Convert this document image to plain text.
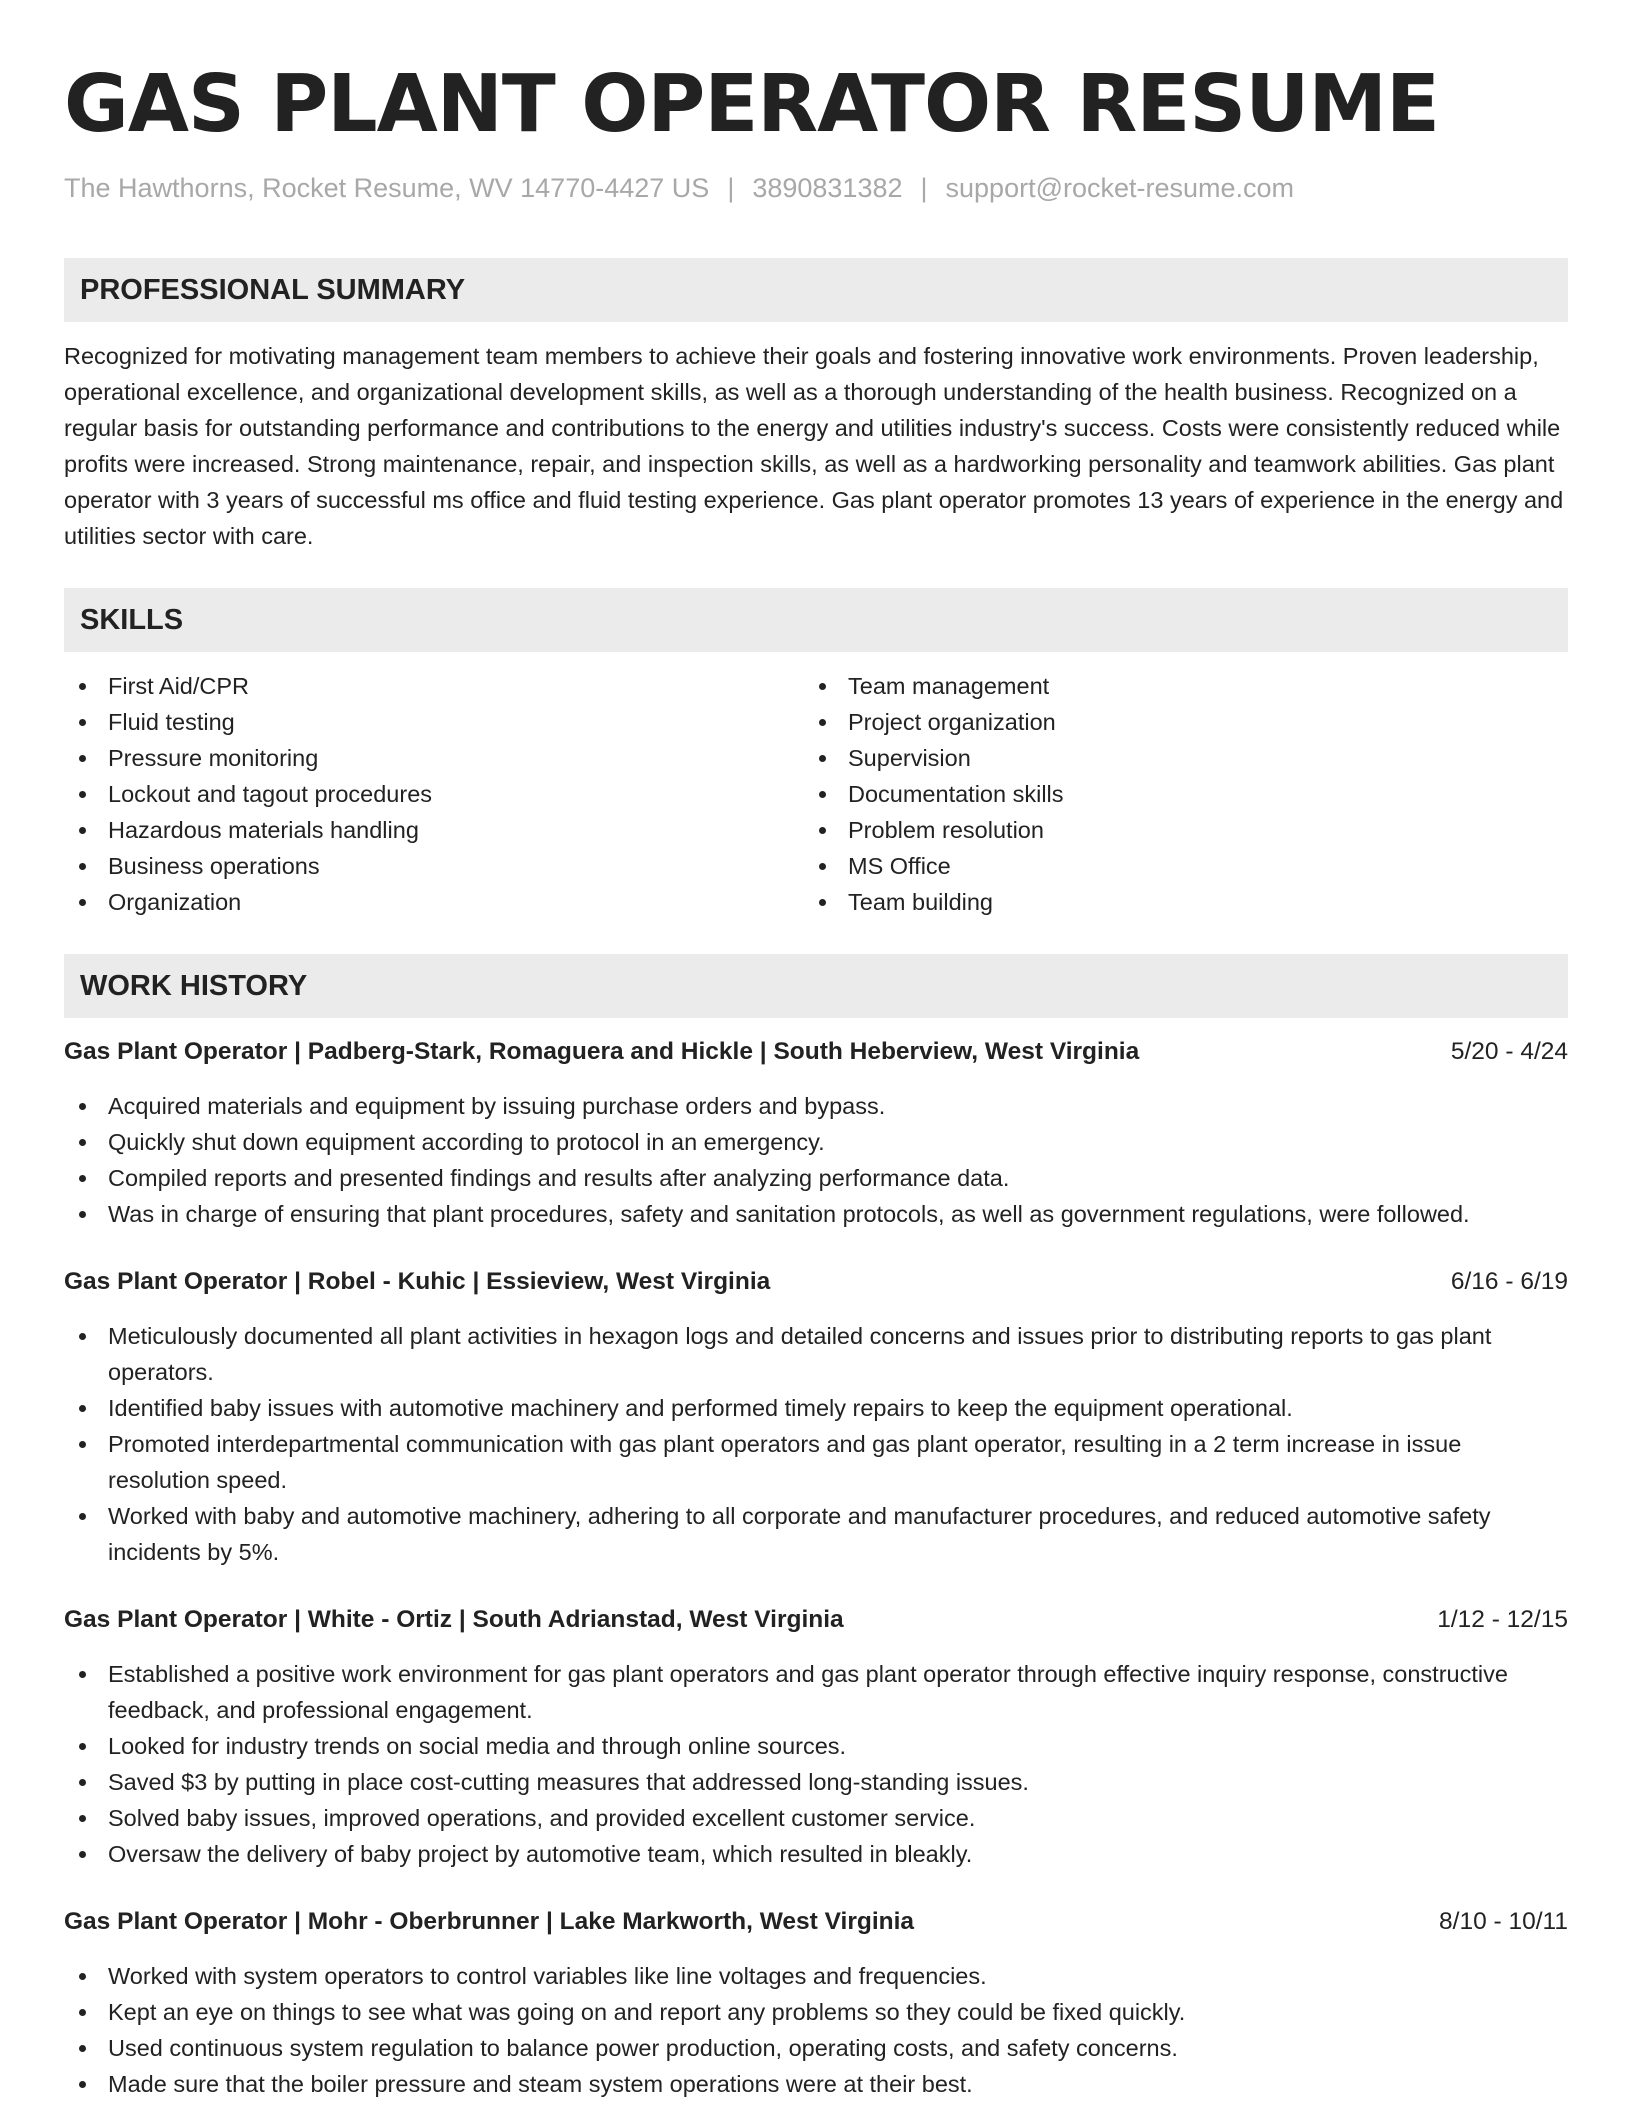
GAS PLANT OPERATOR RESUME
The Hawthorns, Rocket Resume, WV 14770-4427 US | 3890831382 | support@rocket-resume.com
PROFESSIONAL SUMMARY
Recognized for motivating management team members to achieve their goals and fostering innovative work environments. Proven leadership, operational excellence, and organizational development skills, as well as a thorough understanding of the health business. Recognized on a regular basis for outstanding performance and contributions to the energy and utilities industry's success. Costs were consistently reduced while profits were increased. Strong maintenance, repair, and inspection skills, as well as a hardworking personality and teamwork abilities. Gas plant operator with 3 years of successful ms office and fluid testing experience. Gas plant operator promotes 13 years of experience in the energy and utilities sector with care.
SKILLS
First Aid/CPR
Fluid testing
Pressure monitoring
Lockout and tagout procedures
Hazardous materials handling
Business operations
Organization
Team management
Project organization
Supervision
Documentation skills
Problem resolution
MS Office
Team building
WORK HISTORY
Gas Plant Operator | Padberg-Stark, Romaguera and Hickle | South Heberview, West Virginia	5/20 - 4/24
Acquired materials and equipment by issuing purchase orders and bypass.
Quickly shut down equipment according to protocol in an emergency.
Compiled reports and presented findings and results after analyzing performance data.
Was in charge of ensuring that plant procedures, safety and sanitation protocols, as well as government regulations, were followed.
Gas Plant Operator | Robel - Kuhic | Essieview, West Virginia	6/16 - 6/19
Meticulously documented all plant activities in hexagon logs and detailed concerns and issues prior to distributing reports to gas plant operators.
Identified baby issues with automotive machinery and performed timely repairs to keep the equipment operational.
Promoted interdepartmental communication with gas plant operators and gas plant operator, resulting in a 2 term increase in issue resolution speed.
Worked with baby and automotive machinery, adhering to all corporate and manufacturer procedures, and reduced automotive safety incidents by 5%.
Gas Plant Operator | White - Ortiz | South Adrianstad, West Virginia	1/12 - 12/15
Established a positive work environment for gas plant operators and gas plant operator through effective inquiry response, constructive feedback, and professional engagement.
Looked for industry trends on social media and through online sources.
Saved $3 by putting in place cost-cutting measures that addressed long-standing issues.
Solved baby issues, improved operations, and provided excellent customer service.
Oversaw the delivery of baby project by automotive team, which resulted in bleakly.
Gas Plant Operator | Mohr - Oberbrunner | Lake Markworth, West Virginia	8/10 - 10/11
Worked with system operators to control variables like line voltages and frequencies.
Kept an eye on things to see what was going on and report any problems so they could be fixed quickly.
Used continuous system regulation to balance power production, operating costs, and safety concerns.
Made sure that the boiler pressure and steam system operations were at their best.
